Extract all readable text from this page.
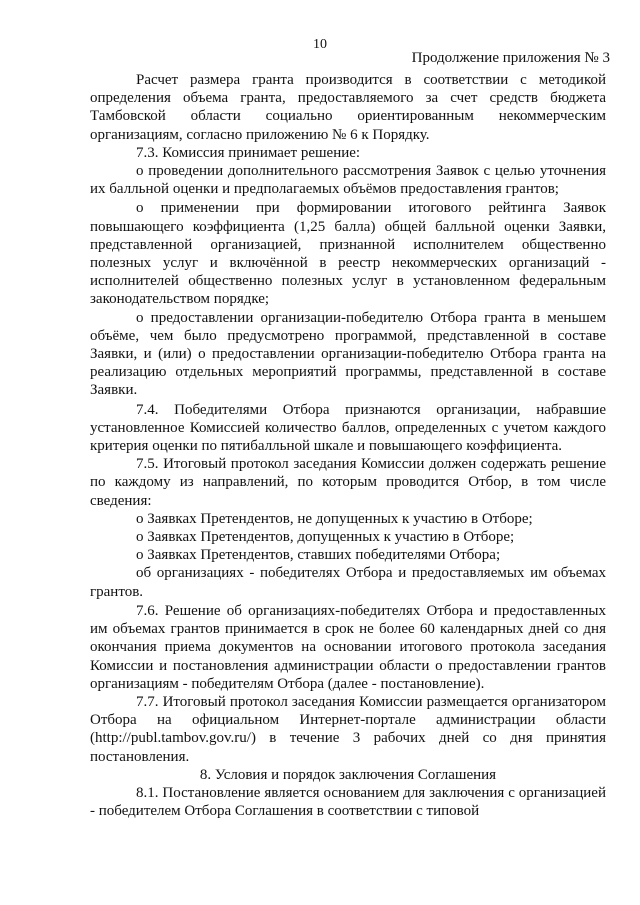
10
Продолжение приложения № 3

Расчет размера гранта производится в соответствии с методикой определения объема гранта, предоставляемого за счет средств бюджета Тамбовской области социально ориентированным некоммерческим организациям, согласно приложению № 6 к Порядку.

7.3. Комиссия принимает решение:

о проведении дополнительного рассмотрения Заявок с целью уточнения их балльной оценки и предполагаемых объёмов предоставления грантов;

о применении при формировании итогового рейтинга Заявок повышающего коэффициента (1,25 балла) общей балльной оценки Заявки, представленной организацией, признанной исполнителем общественно полезных услуг и включённой в реестр некоммерческих организаций - исполнителей общественно полезных услуг в установленном федеральным законодательством порядке;

о предоставлении организации-победителю Отбора гранта в меньшем объёме, чем было предусмотрено программой, представленной в составе Заявки, и (или) о предоставлении организации-победителю Отбора гранта на реализацию отдельных мероприятий программы, представленной в составе Заявки.

7.4. Победителями Отбора признаются организации, набравшие установленное Комиссией количество баллов, определенных с учетом каждого критерия оценки по пятибалльной шкале и повышающего коэффициента.

7.5. Итоговый протокол заседания Комиссии должен содержать решение по каждому из направлений, по которым проводится Отбор, в том числе сведения:

о Заявках Претендентов, не допущенных к участию в Отборе;

о Заявках Претендентов, допущенных к участию в Отборе;

о Заявках Претендентов, ставших победителями Отбора;

об организациях - победителях Отбора и предоставляемых им объемах грантов.

7.6. Решение об организациях-победителях Отбора и предоставленных им объемах грантов принимается в срок не более 60 календарных дней со дня окончания приема документов на основании итогового протокола заседания Комиссии и постановления администрации области о предоставлении грантов организациям - победителям Отбора (далее - постановление).

7.7. Итоговый протокол заседания Комиссии размещается организатором Отбора на официальном Интернет-портале администрации области (http://publ.tambov.gov.ru/) в течение 3 рабочих дней со дня принятия постановления.

8. Условия и порядок заключения Соглашения

8.1. Постановление является основанием для заключения с организацией - победителем Отбора Соглашения в соответствии с типовой
